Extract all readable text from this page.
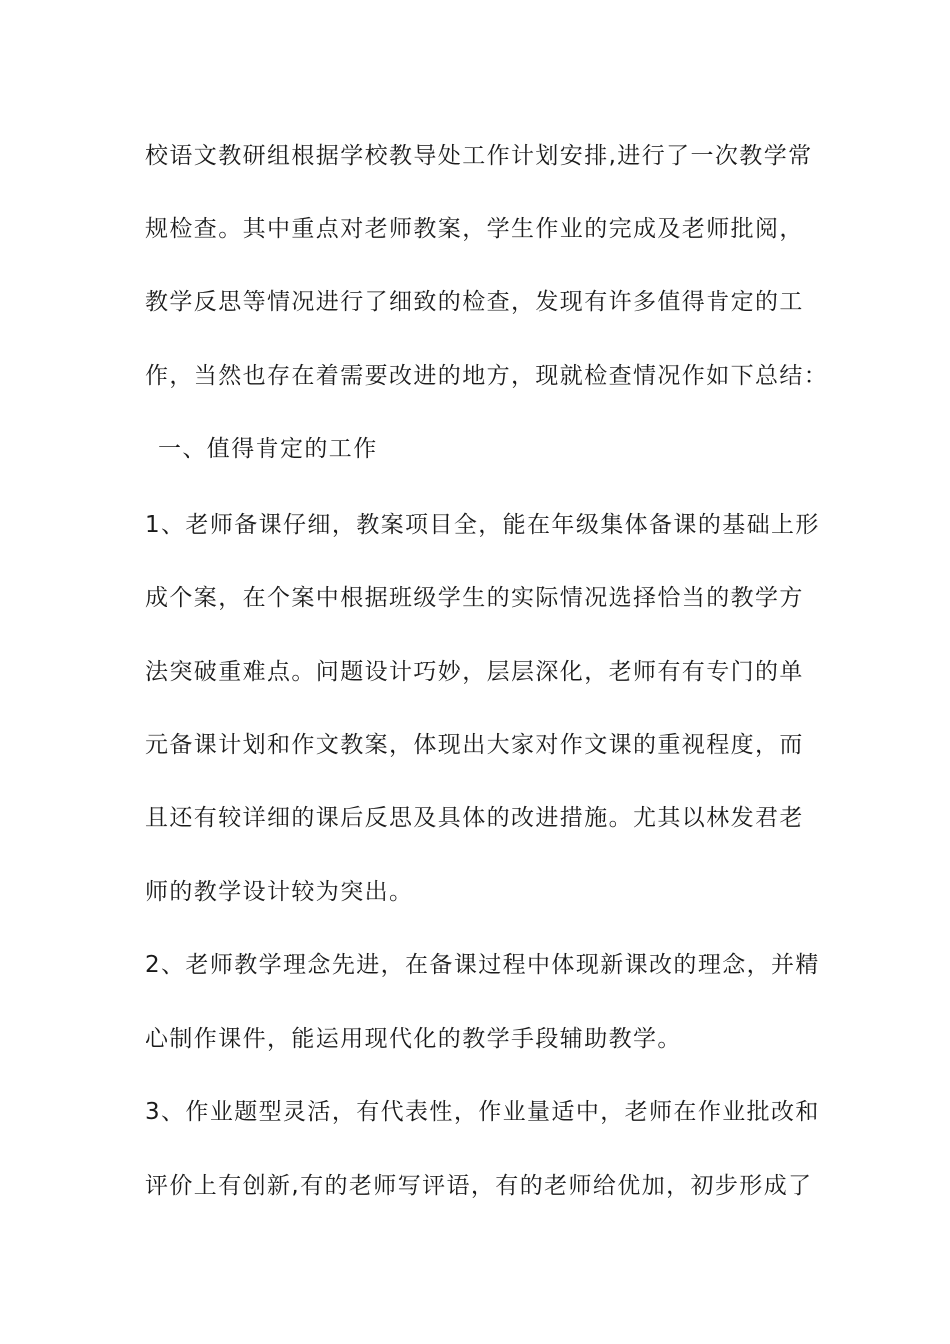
校语文教研组根据学校教导处工作计划安排,进行了一次教学常
规检查。其中重点对老师教案，学生作业的完成及老师批阅，
教学反思等情况进行了细致的检查，发现有许多值得肯定的工
作，当然也存在着需要改进的地方，现就检查情况作如下总结：
一、值得肯定的工作
1、老师备课仔细，教案项目全，能在年级集体备课的基础上形
成个案，在个案中根据班级学生的实际情况选择恰当的教学方
法突破重难点。问题设计巧妙，层层深化，老师有有专门的单
元备课计划和作文教案，体现出大家对作文课的重视程度，而
且还有较详细的课后反思及具体的改进措施。尤其以林发君老
师的教学设计较为突出。
2、老师教学理念先进，在备课过程中体现新课改的理念，并精
心制作课件，能运用现代化的教学手段辅助教学。
3、作业题型灵活，有代表性，作业量适中，老师在作业批改和
评价上有创新,有的老师写评语，有的老师给优加，初步形成了
